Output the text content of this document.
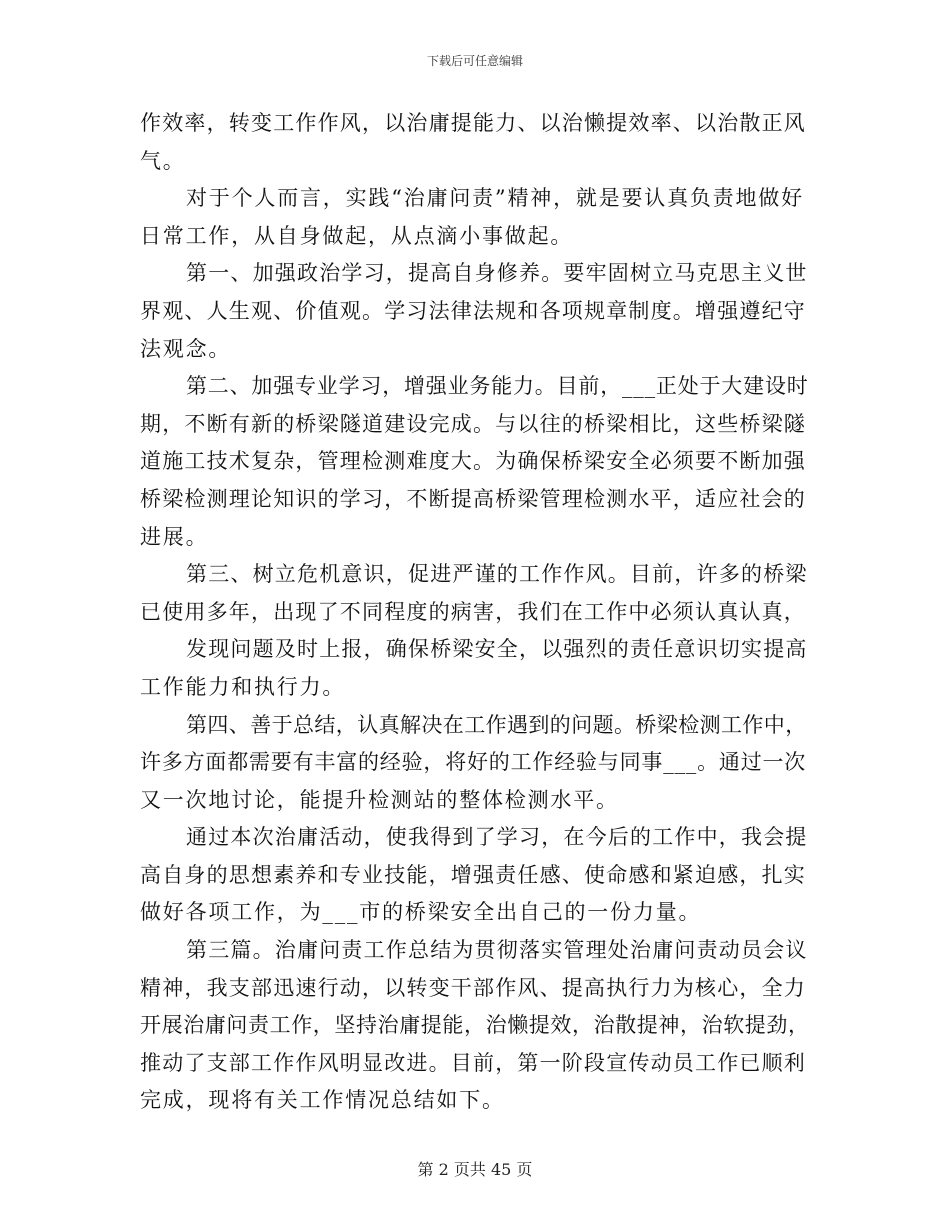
下载后可任意编辑
作效率，转变工作作风，以治庸提能力、以治懒提效率、以治散正风
气。
对于个人而言，实践“治庸问责”精神，就是要认真负责地做好
日常工作，从自身做起，从点滴小事做起。
第一、加强政治学习，提高自身修养。要牢固树立马克思主义世
界观、人生观、价值观。学习法律法规和各项规章制度。增强遵纪守
法观念。
第二、加强专业学习，增强业务能力。目前，___正处于大建设时
期，不断有新的桥梁隧道建设完成。与以往的桥梁相比，这些桥梁隧
道施工技术复杂，管理检测难度大。为确保桥梁安全必须要不断加强
桥梁检测理论知识的学习，不断提高桥梁管理检测水平，适应社会的
进展。
第三、树立危机意识，促进严谨的工作作风。目前，许多的桥梁
已使用多年，出现了不同程度的病害，我们在工作中必须认真认真，
发现问题及时上报，确保桥梁安全，以强烈的责任意识切实提高
工作能力和执行力。
第四、善于总结，认真解决在工作遇到的问题。桥梁检测工作中，
许多方面都需要有丰富的经验，将好的工作经验与同事___。通过一次
又一次地讨论，能提升检测站的整体检测水平。
通过本次治庸活动，使我得到了学习，在今后的工作中，我会提
高自身的思想素养和专业技能，增强责任感、使命感和紧迫感，扎实
做好各项工作，为___市的桥梁安全出自己的一份力量。
第三篇。治庸问责工作总结为贯彻落实管理处治庸问责动员会议
精神，我支部迅速行动，以转变干部作风、提高执行力为核心，全力
开展治庸问责工作，坚持治庸提能，治懒提效，治散提神，治软提劲，
推动了支部工作作风明显改进。目前，第一阶段宣传动员工作已顺利
完成，现将有关工作情况总结如下。
第 2 页共 45 页
